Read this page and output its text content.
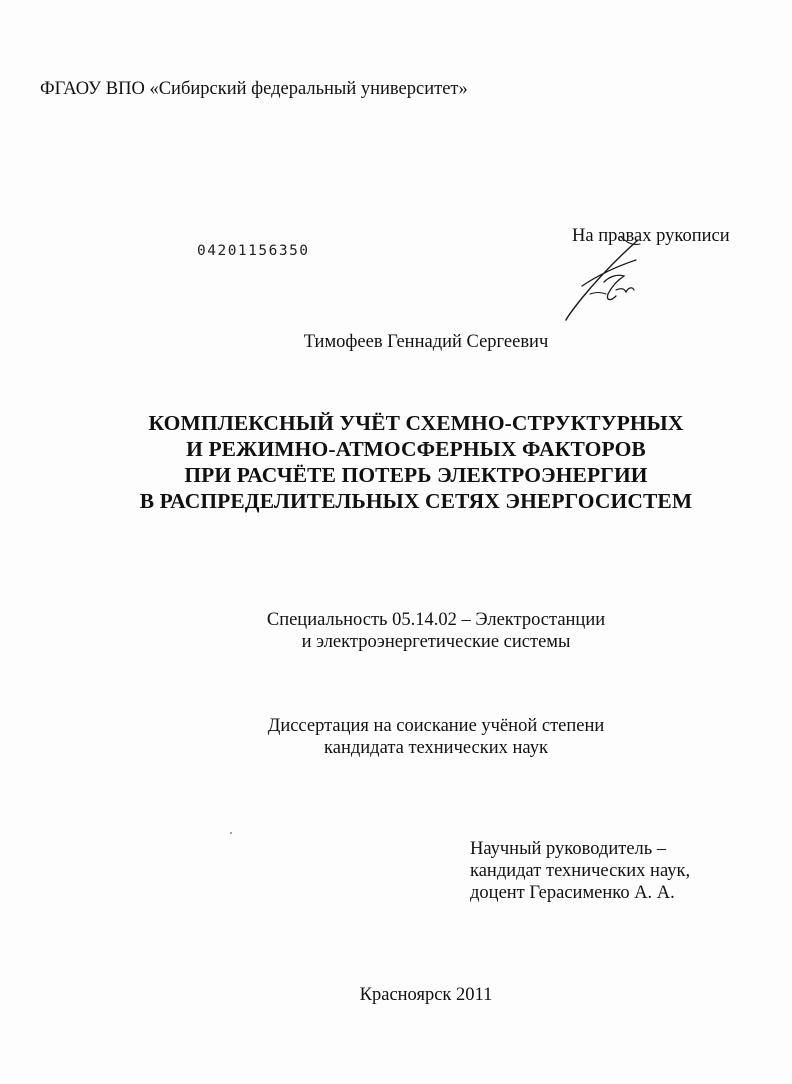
ФГАОУ ВПО «Сибирский федеральный университет»
На правах рукописи
04201156350
Тимофеев Геннадий Сергеевич
КОМПЛЕКСНЫЙ УЧЁТ СХЕМНО-СТРУКТУРНЫХ
И РЕЖИМНО-АТМОСФЕРНЫХ ФАКТОРОВ
ПРИ РАСЧЁТЕ ПОТЕРЬ ЭЛЕКТРОЭНЕРГИИ
В РАСПРЕДЕЛИТЕЛЬНЫХ СЕТЯХ ЭНЕРГОСИСТЕМ
Специальность 05.14.02 – Электростанции
и электроэнергетические системы
Диссертация на соискание учёной степени
кандидата технических наук
Научный руководитель –
кандидат технических наук,
доцент Герасименко А. А.
Красноярск 2011
